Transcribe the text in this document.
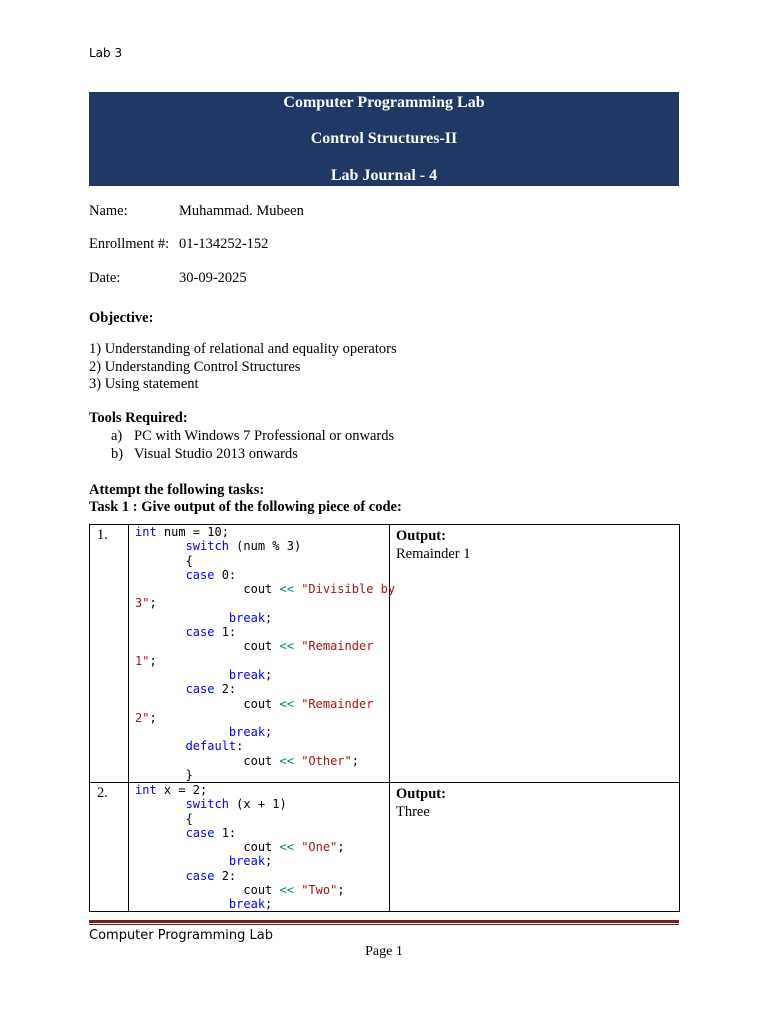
Lab 3
Computer Programming Lab
Control Structures-II
Lab Journal - 4
Name:	Muhammad. Mubeen
Enrollment #: 01-134252-152
Date:	30-09-2025
Objective:
1) Understanding of relational and equality operators
2) Understanding Control Structures
3) Using statement
Tools Required:
a) PC with Windows 7 Professional or onwards
b) Visual Studio 2013 onwards
Attempt the following tasks:
Task 1 : Give output of the following piece of code:
1. int num = 10;
switch (num % 3)
{
case 0:
cout << "Divisible by
3";
break;
case 1:
cout << "Remainder
1";
break;
case 2:
cout << "Remainder
2";
break;
default:
cout << "Other";
}
Output:
Remainder 1
2. int x = 2;
switch (x + 1)
{
case 1:
cout << "One";
break;
case 2:
cout << "Two";
break;
Output:
Three
Computer Programming Lab
Page 1
